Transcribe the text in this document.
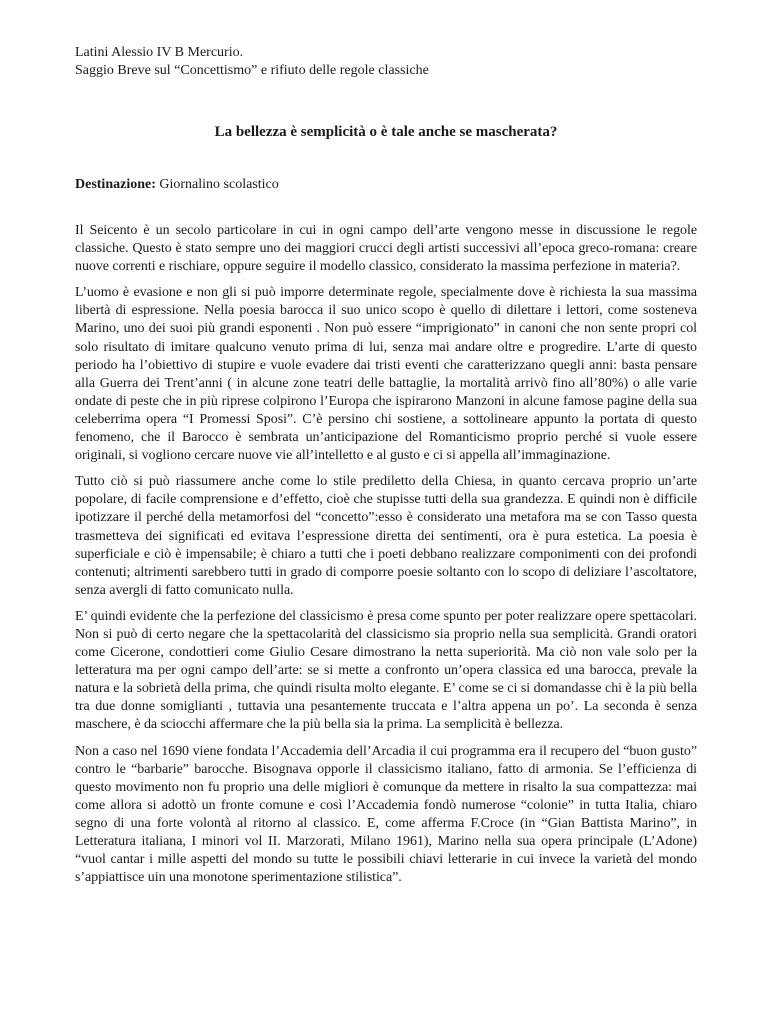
Latini Alessio IV B Mercurio.

Saggio Breve sul “Concettismo” e rifiuto delle regole classiche

La bellezza è semplicità o è tale anche se mascherata?

Destinazione: Giornalino scolastico

Il Seicento è un secolo particolare in cui in ogni campo dell’arte vengono messe in discussione le regole classiche. Questo è stato sempre uno dei maggiori crucci degli artisti successivi all’epoca greco-romana: creare nuove correnti e rischiare, oppure seguire il modello classico, considerato la massima perfezione in materia?.

L’uomo è evasione e non gli si può imporre determinate regole, specialmente dove è richiesta la sua massima libertà di espressione. Nella poesia barocca il suo unico scopo è quello di dilettare i lettori, come sosteneva Marino, uno dei suoi più grandi esponenti . Non può essere “imprigionato” in canoni che non sente propri col solo risultato di imitare qualcuno venuto prima di lui, senza mai andare oltre e progredire. L’arte di questo periodo ha l’obiettivo di stupire e vuole evadere dai tristi eventi che caratterizzano quegli anni: basta pensare alla Guerra dei Trent’anni ( in alcune zone teatri delle battaglie, la mortalità arrivò fino all’80%) o alle varie ondate di peste che in più riprese colpirono l’Europa che ispirarono Manzoni in alcune famose pagine della sua celeberrima opera “I Promessi Sposi”. C’è persino chi sostiene, a sottolineare appunto la portata di questo fenomeno, che il Barocco è sembrata un’anticipazione del Romanticismo proprio perché si vuole essere originali, si vogliono cercare nuove vie all’intelletto e al gusto e ci si appella all’immaginazione.

Tutto ciò si può riassumere anche come lo stile prediletto della Chiesa, in quanto cercava proprio un’arte popolare, di facile comprensione e d’effetto, cioè che stupisse tutti della sua grandezza. E quindi non è difficile ipotizzare il perché della metamorfosi del “concetto”:esso è considerato una metafora ma se con Tasso questa trasmetteva dei significati ed evitava l’espressione diretta dei sentimenti, ora è pura estetica. La poesia è superficiale e ciò è impensabile; è chiaro a tutti che i poeti debbano realizzare componimenti con dei profondi contenuti; altrimenti sarebbero tutti in grado di comporre poesie soltanto con lo scopo di deliziare l’ascoltatore, senza avergli di fatto comunicato nulla.

E’ quindi evidente che la perfezione del classicismo è presa come spunto per poter realizzare opere spettacolari. Non si può di certo negare che la spettacolarità del classicismo sia proprio nella sua semplicità. Grandi oratori come Cicerone, condottieri come Giulio Cesare dimostrano la netta superiorità. Ma ciò non vale solo per la letteratura ma per ogni campo dell’arte: se si mette a confronto un’opera classica ed una barocca, prevale la natura e la sobrietà della prima, che quindi risulta molto elegante. E’ come se ci si domandasse chi è la più bella tra due donne somiglianti , tuttavia una pesantemente truccata e l’altra appena un po’. La seconda è senza maschere, è da sciocchi affermare che la più bella sia la prima. La semplicità è bellezza.

Non a caso nel 1690 viene fondata l’Accademia dell’Arcadia il cui programma era il recupero del “buon gusto” contro le “barbarie” barocche. Bisognava opporle il classicismo italiano, fatto di armonia. Se l’efficienza di questo movimento non fu proprio una delle migliori è comunque da mettere in risalto la sua compattezza: mai come allora si adottò un fronte comune e così l’Accademia fondò numerose “colonie” in tutta Italia, chiaro segno di una forte volontà al ritorno al classico. E, come afferma F.Croce (in “Gian Battista Marino”, in Letteratura italiana, I minori vol II. Marzorati, Milano 1961), Marino nella sua opera principale (L’Adone) “vuol cantar i mille aspetti del mondo su tutte le possibili chiavi letterarie in cui invece la varietà del mondo s’appiattisce uin una monotone sperimentazione stilistica”.
